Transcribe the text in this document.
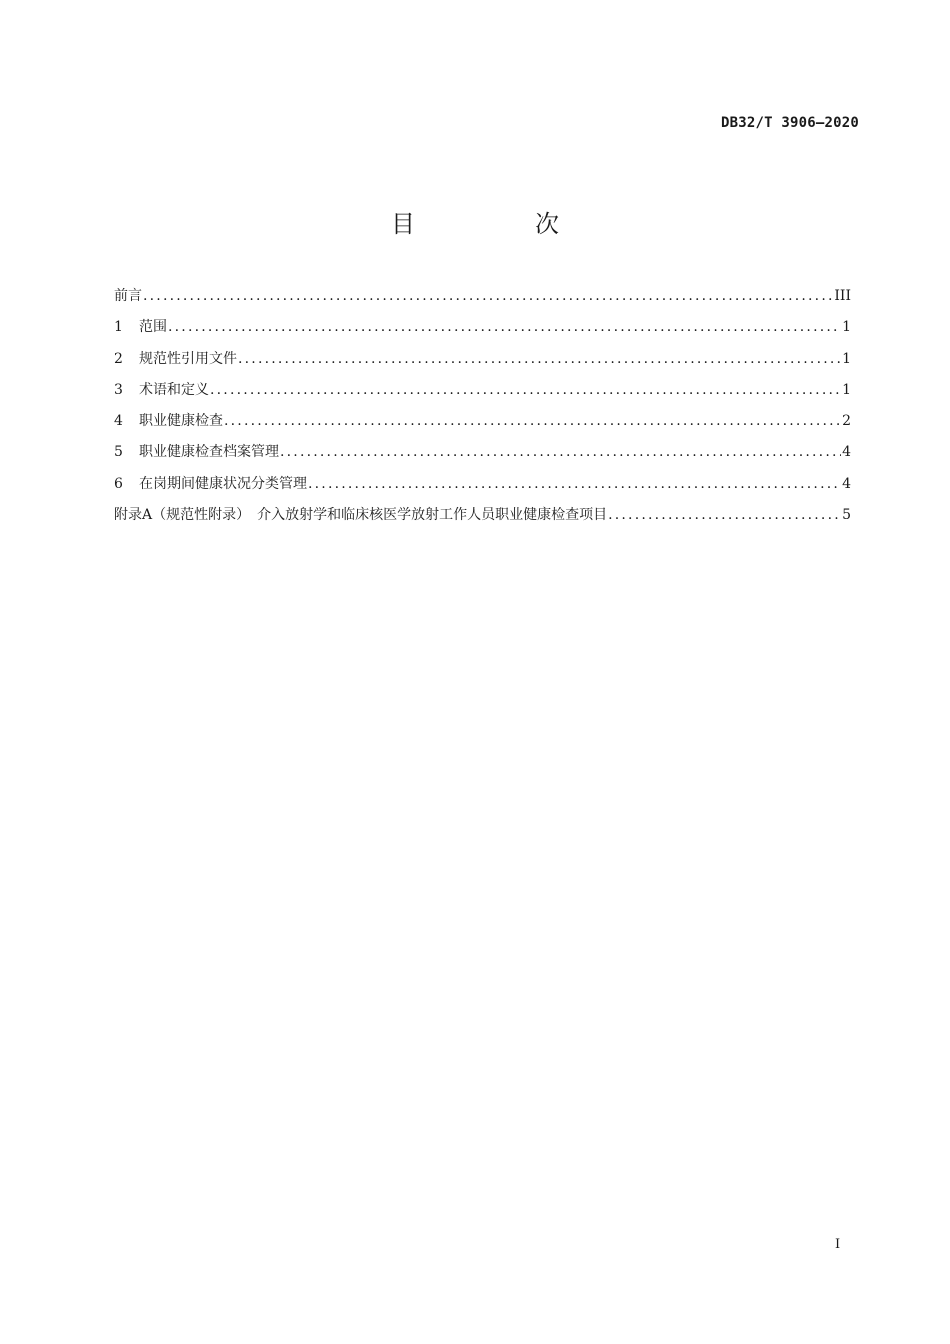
DB32/T 3906—2020
目　次
前言 .....	III
1	范围 .....	1
2	规范性引用文件 .....	1
3	术语和定义 .....	1
4	职业健康检查 .....	2
5	职业健康检查档案管理 .....	4
6	在岗期间健康状况分类管理 .....	4
附录A（规范性附录）　介入放射学和临床核医学放射工作人员职业健康检查项目 .....	5
I
